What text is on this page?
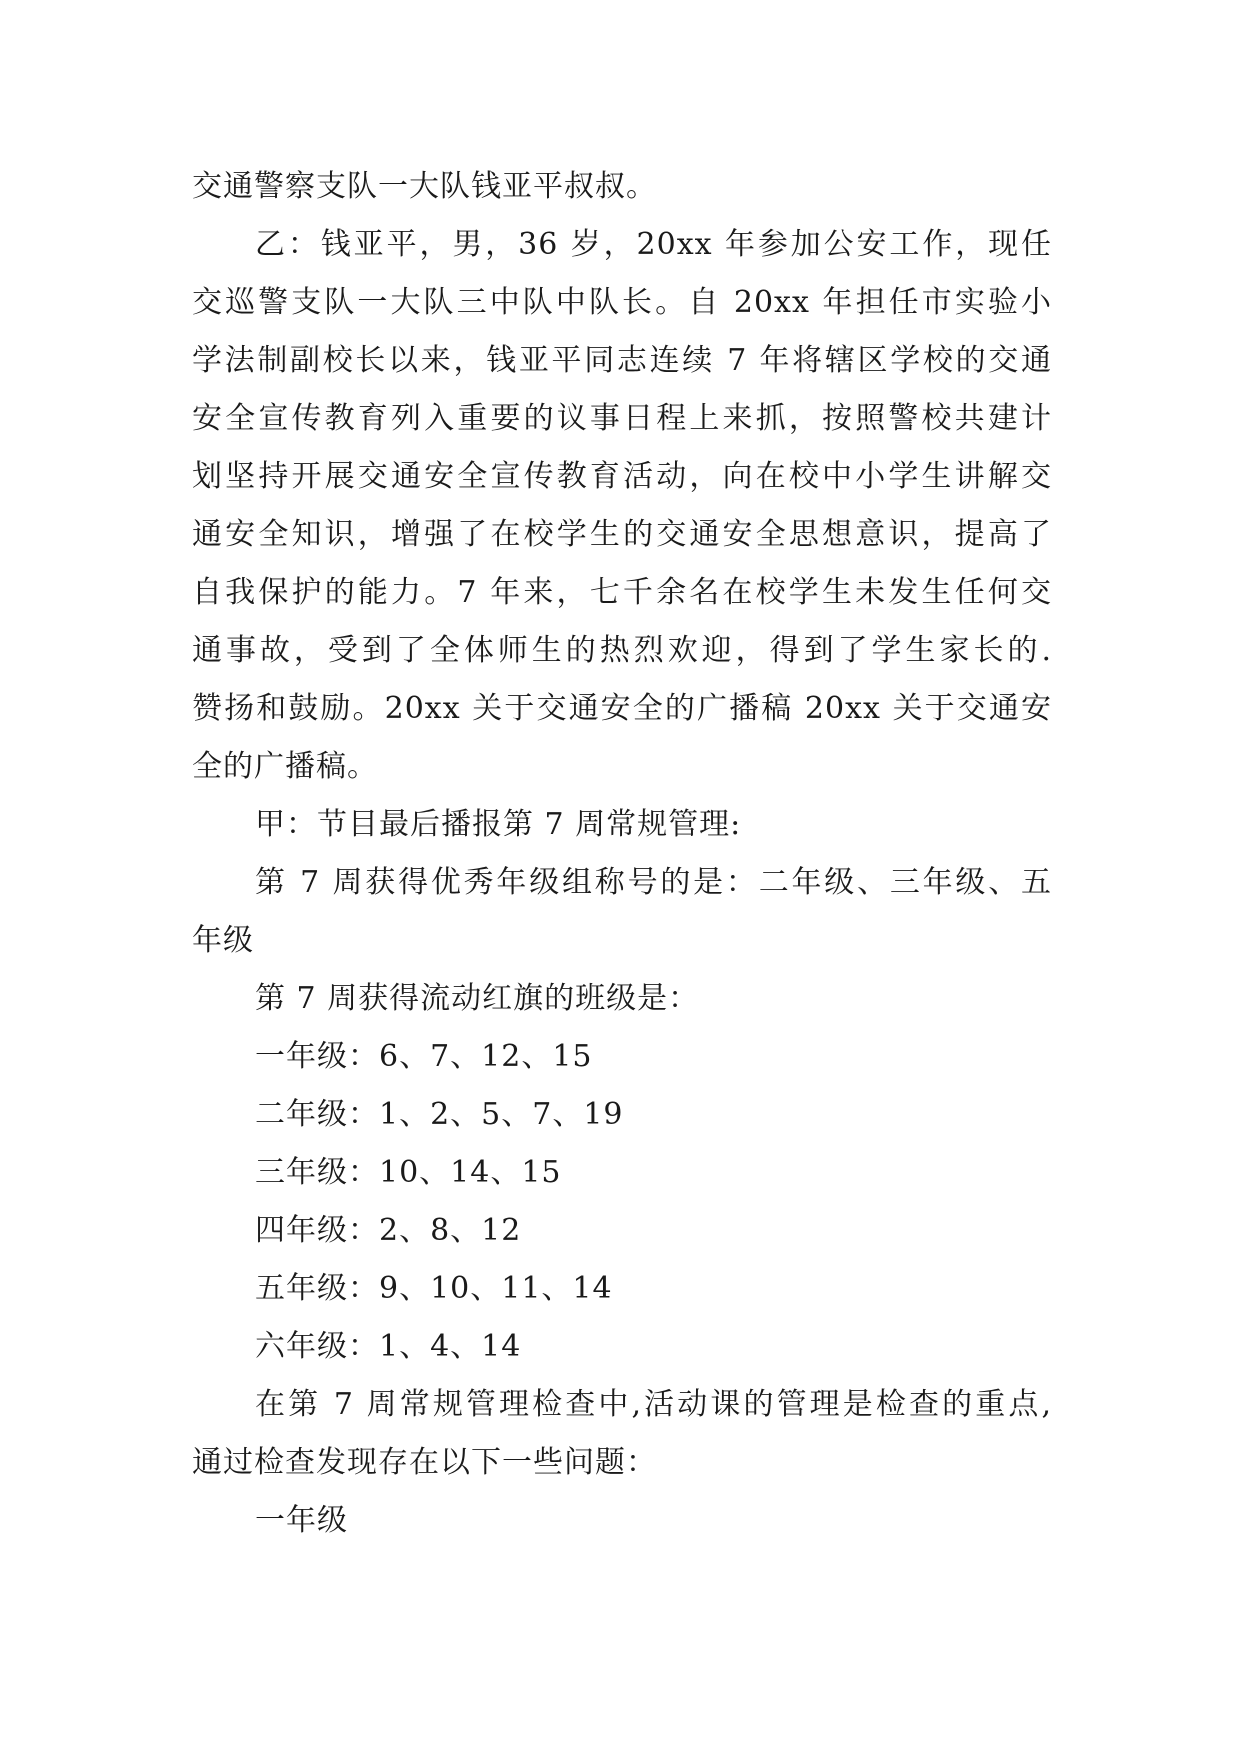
交通警察支队一大队钱亚平叔叔。
乙：钱亚平，男，36 岁，20xx 年参加公安工作，现任
交巡警支队一大队三中队中队长。自 20xx 年担任市实验小
学法制副校长以来，钱亚平同志连续 7 年将辖区学校的交通
安全宣传教育列入重要的议事日程上来抓，按照警校共建计
划坚持开展交通安全宣传教育活动，向在校中小学生讲解交
通安全知识，增强了在校学生的交通安全思想意识，提高了
自我保护的能力。7 年来，七千余名在校学生未发生任何交
通事故，受到了全体师生的热烈欢迎，得到了学生家长的.
赞扬和鼓励。20xx 关于交通安全的广播稿 20xx 关于交通安
全的广播稿。
甲：节目最后播报第 7 周常规管理:
第 7 周获得优秀年级组称号的是：二年级、三年级、五
年级
第 7 周获得流动红旗的班级是：
一年级：6、7、12、15
二年级：1、2、5、7、19
三年级：10、14、15
四年级：2、8、12
五年级：9、10、11、14
六年级：1、4、14
在第 7 周常规管理检查中,活动课的管理是检查的重点,
通过检查发现存在以下一些问题：
一年级
